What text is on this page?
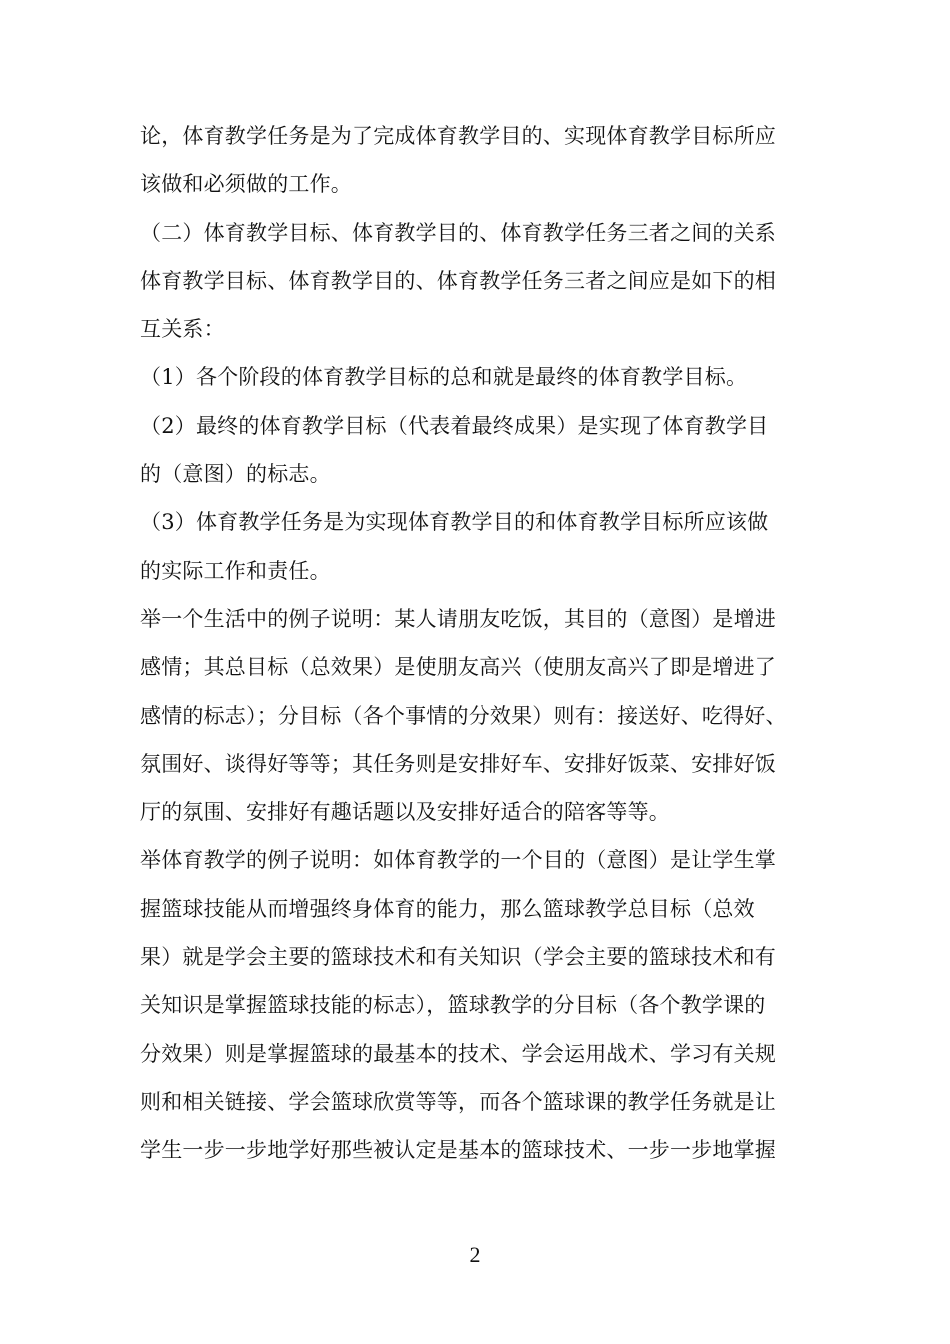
论，体育教学任务是为了完成体育教学目的、实现体育教学目标所应
该做和必须做的工作。
（二）体育教学目标、体育教学目的、体育教学任务三者之间的关系
体育教学目标、体育教学目的、体育教学任务三者之间应是如下的相
互关系：
（1）各个阶段的体育教学目标的总和就是最终的体育教学目标。
（2）最终的体育教学目标（代表着最终成果）是实现了体育教学目
的（意图）的标志。
（3）体育教学任务是为实现体育教学目的和体育教学目标所应该做
的实际工作和责任。
举一个生活中的例子说明：某人请朋友吃饭，其目的（意图）是增进
感情；其总目标（总效果）是使朋友高兴（使朋友高兴了即是增进了
感情的标志）；分目标（各个事情的分效果）则有：接送好、吃得好、
氛围好、谈得好等等；其任务则是安排好车、安排好饭菜、安排好饭
厅的氛围、安排好有趣话题以及安排好适合的陪客等等。
举体育教学的例子说明：如体育教学的一个目的（意图）是让学生掌
握篮球技能从而增强终身体育的能力，那么篮球教学总目标（总效
果）就是学会主要的篮球技术和有关知识（学会主要的篮球技术和有
关知识是掌握篮球技能的标志），篮球教学的分目标（各个教学课的
分效果）则是掌握篮球的最基本的技术、学会运用战术、学习有关规
则和相关链接、学会篮球欣赏等等，而各个篮球课的教学任务就是让
学生一步一步地学好那些被认定是基本的篮球技术、一步一步地掌握
2
